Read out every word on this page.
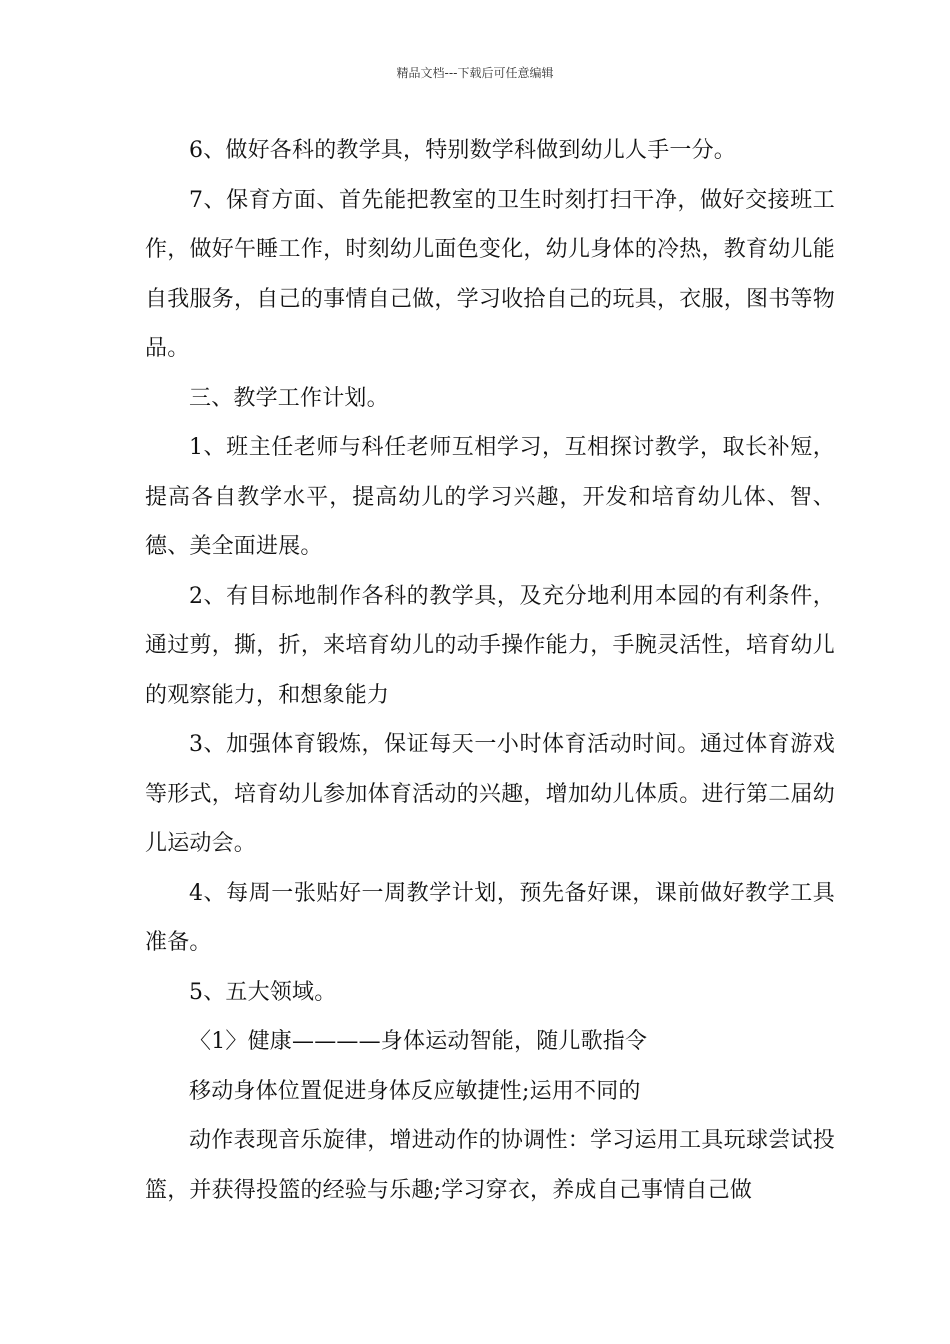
精品文档---下载后可任意编辑

6、做好各科的教学具，特别数学科做到幼儿人手一分。

7、保育方面、首先能把教室的卫生时刻打扫干净，做好交接班工作，做好午睡工作，时刻幼儿面色变化，幼儿身体的冷热，教育幼儿能自我服务，自己的事情自己做，学习收拾自己的玩具，衣服，图书等物品。

三、教学工作计划。

1、班主任老师与科任老师互相学习，互相探讨教学，取长补短，提高各自教学水平，提高幼儿的学习兴趣，开发和培育幼儿体、智、德、美全面进展。

2、有目标地制作各科的教学具，及充分地利用本园的有利条件，通过剪，撕，折，来培育幼儿的动手操作能力，手腕灵活性，培育幼儿的观察能力，和想象能力

3、加强体育锻炼，保证每天一小时体育活动时间。通过体育游戏等形式，培育幼儿参加体育活动的兴趣，增加幼儿体质。进行第二届幼儿运动会。

4、每周一张贴好一周教学计划，预先备好课，课前做好教学工具准备。

5、五大领域。

〈1〉健康————身体运动智能，随儿歌指令

移动身体位置促进身体反应敏捷性;运用不同的

动作表现音乐旋律，增进动作的协调性：学习运用工具玩球尝试投篮，并获得投篮的经验与乐趣;学习穿衣，养成自己事情自己做
